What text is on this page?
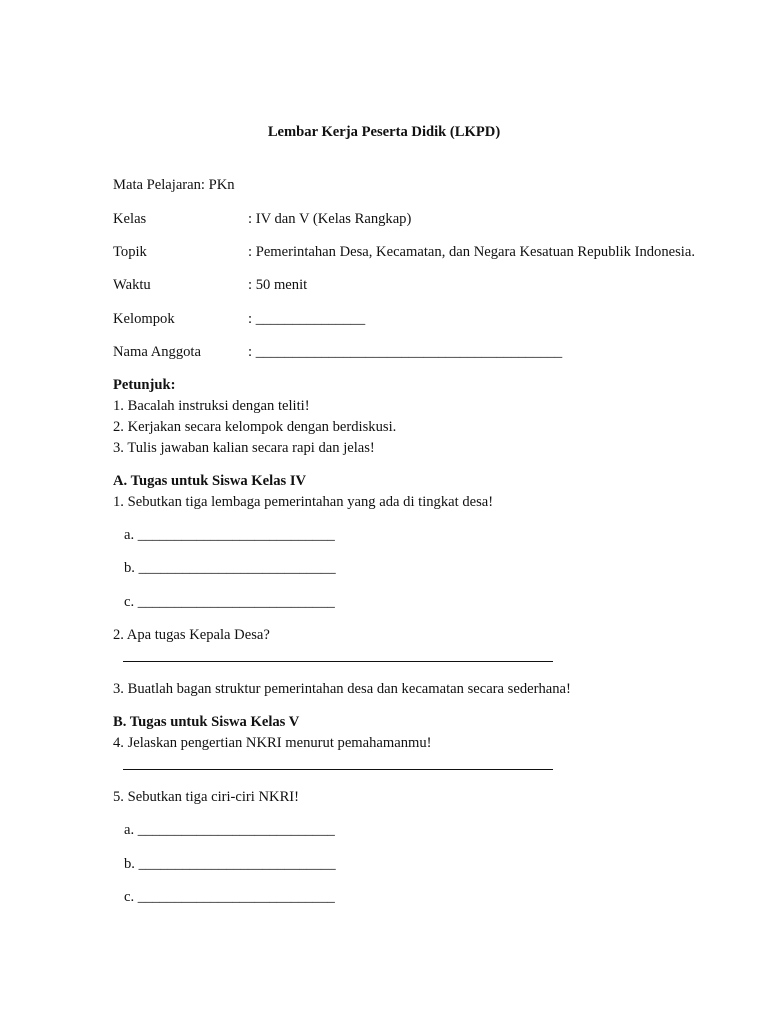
Lembar Kerja Peserta Didik (LKPD)
Mata Pelajaran: PKn
Kelas	: IV dan V (Kelas Rangkap)
Topik	: Pemerintahan Desa, Kecamatan, dan Negara Kesatuan Republik Indonesia.
Waktu	: 50 menit
Kelompok	: _______________
Nama Anggota	: __________________________________________
Petunjuk:
1. Bacalah instruksi dengan teliti!
2. Kerjakan secara kelompok dengan berdiskusi.
3. Tulis jawaban kalian secara rapi dan jelas!
A. Tugas untuk Siswa Kelas IV
1. Sebutkan tiga lembaga pemerintahan yang ada di tingkat desa!
a. ___________________________
b. ___________________________
c. ___________________________
2. Apa tugas Kepala Desa?
3. Buatlah bagan struktur pemerintahan desa dan kecamatan secara sederhana!
B. Tugas untuk Siswa Kelas V
4. Jelaskan pengertian NKRI menurut pemahamanmu!
5. Sebutkan tiga ciri-ciri NKRI!
a. ___________________________
b. ___________________________
c. ___________________________
